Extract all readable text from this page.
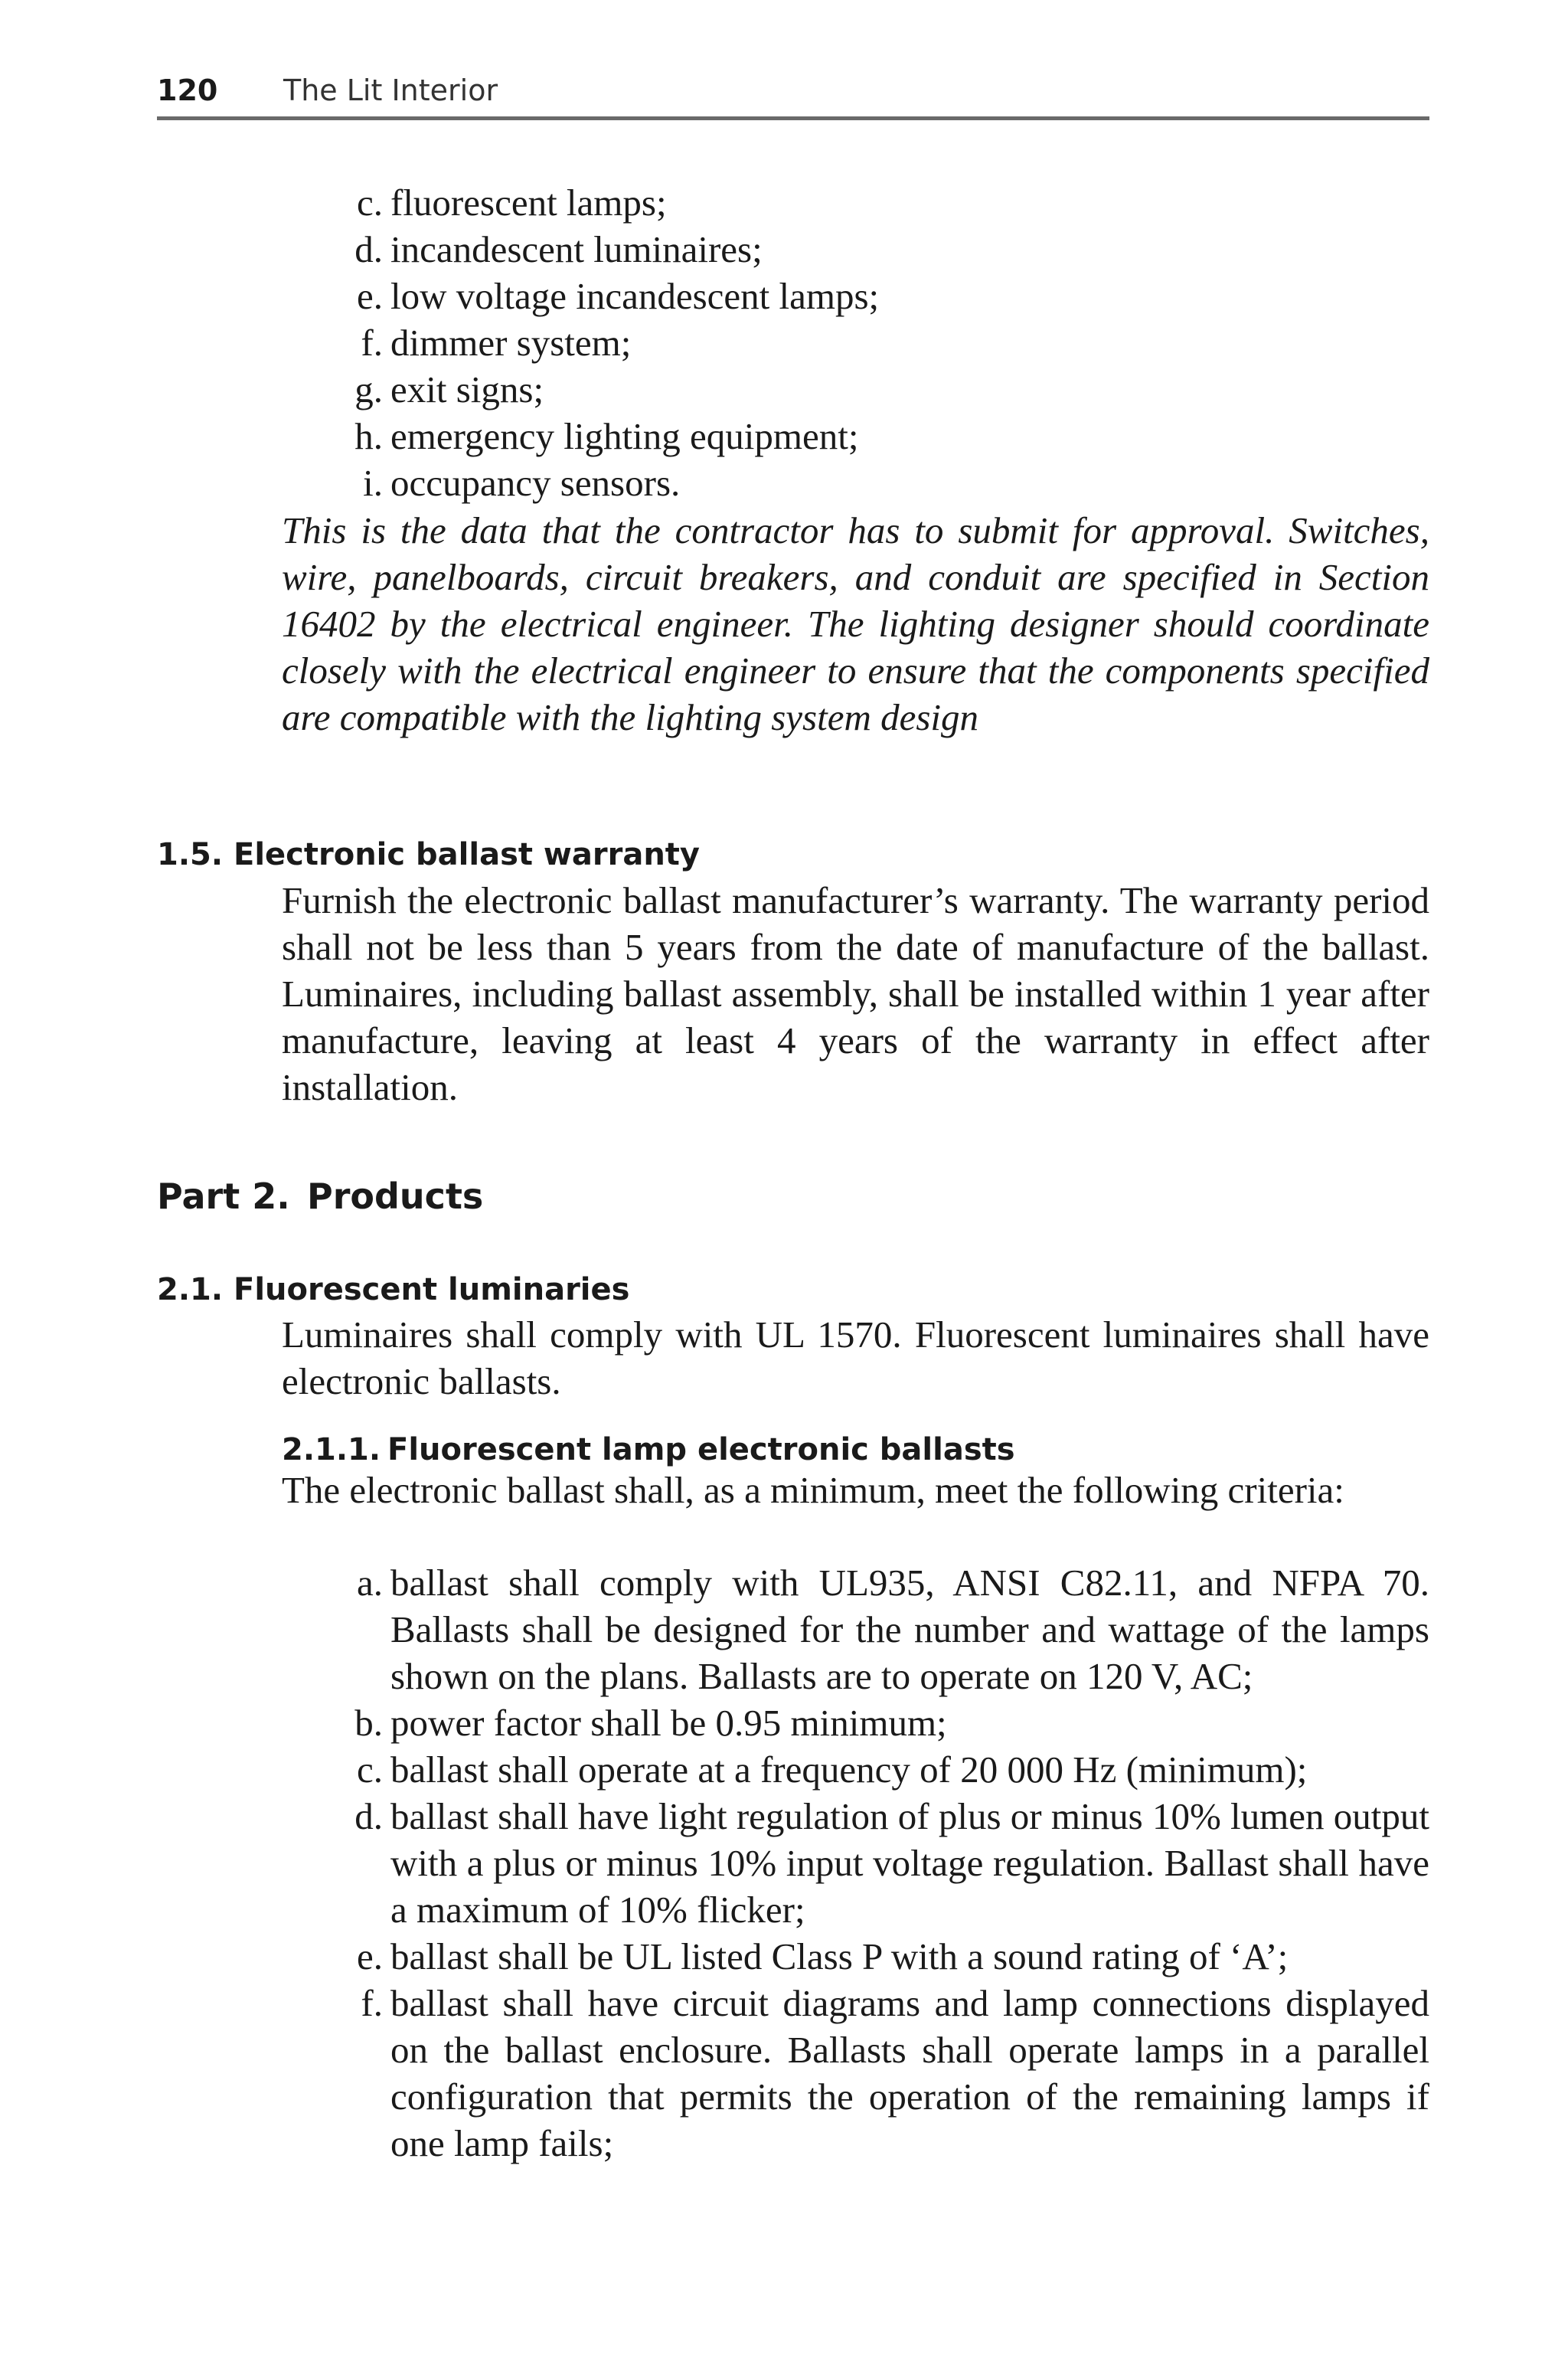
120 The Lit Interior
c. fluorescent lamps;
d. incandescent luminaires;
e. low voltage incandescent lamps;
f. dimmer system;
g. exit signs;
h. emergency lighting equipment;
i. occupancy sensors.

This is the data that the contractor has to submit for approval. Switches, wire, panelboards, circuit breakers, and conduit are specified in Section 16402 by the electrical engineer. The lighting designer should coordinate closely with the electrical engineer to ensure that the components specified are compatible with the lighting system design

1.5. Electronic ballast warranty

Furnish the electronic ballast manufacturer’s warranty. The warranty period shall not be less than 5 years from the date of manufacture of the ballast. Luminaires, including ballast assembly, shall be installed within 1 year after manufacture, leaving at least 4 years of the warranty in effect after installation.

Part 2. Products
2.1. Fluorescent luminaries

Luminaires shall comply with UL 1570. Fluorescent luminaires shall have electronic ballasts.

2.1.1. Fluorescent lamp electronic ballasts

The electronic ballast shall, as a minimum, meet the following criteria:

a. ballast shall comply with UL935, ANSI C82.11, and NFPA 70. Ballasts shall be designed for the number and wattage of the lamps shown on the plans. Ballasts are to operate on 120 V, AC;
b. power factor shall be 0.95 minimum;
c. ballast shall operate at a frequency of 20 000 Hz (minimum);
d. ballast shall have light regulation of plus or minus 10% lumen output with a plus or minus 10% input voltage regulation. Ballast shall have a maximum of 10% flicker;
e. ballast shall be UL listed Class P with a sound rating of ‘A’;
f. ballast shall have circuit diagrams and lamp connections displayed on the ballast enclosure. Ballasts shall operate lamps in a parallel configuration that permits the operation of the remaining lamps if one lamp fails;
